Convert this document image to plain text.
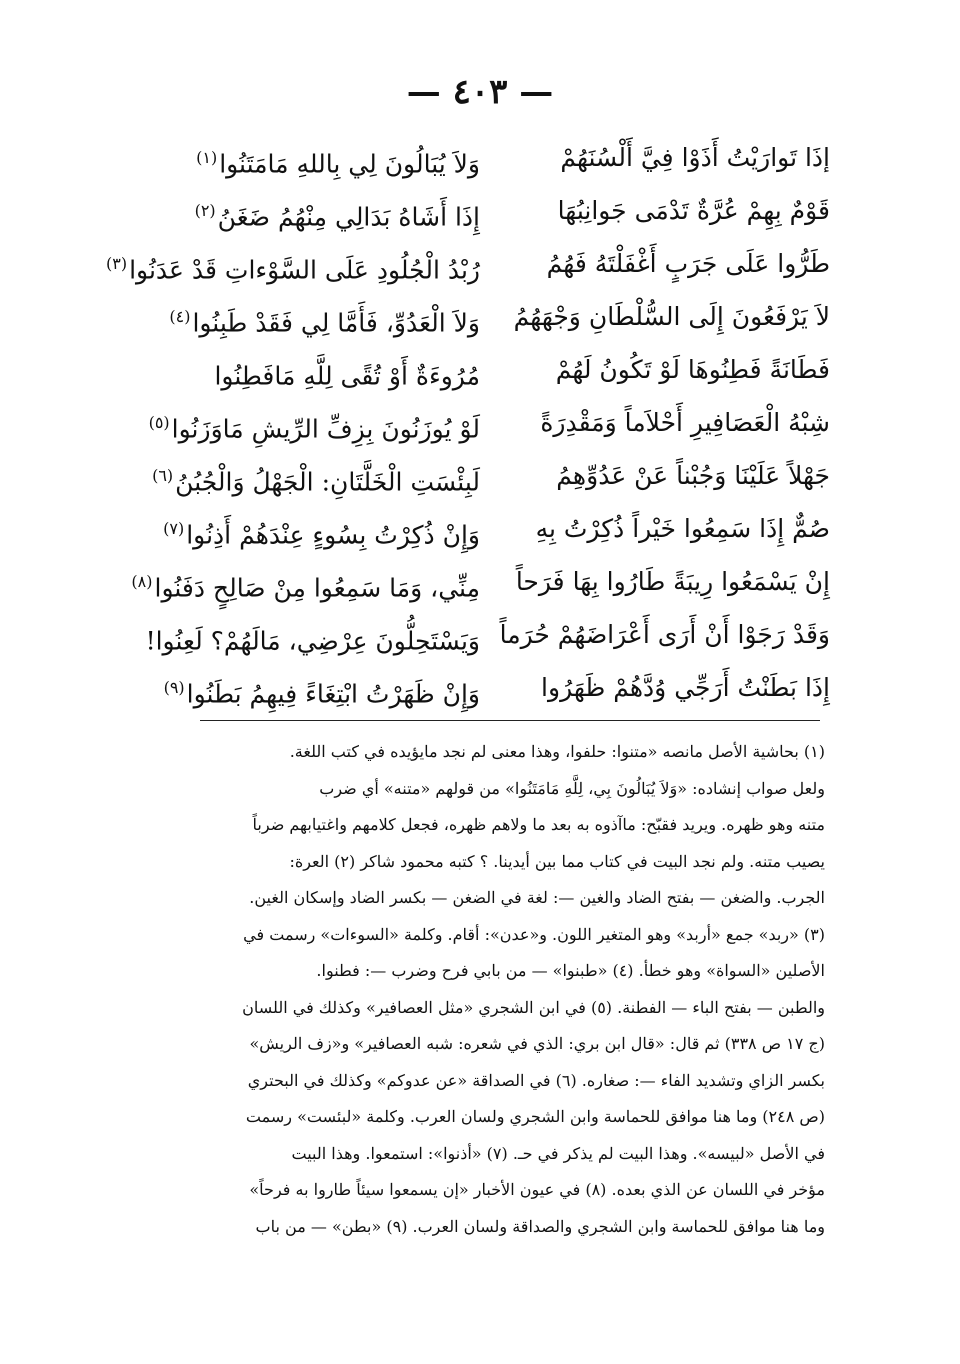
— ٤٠٣ —
إذَا تَوارَيْتُ أَذَوْا فِيَّ أَلْسُنَهُمْ
وَلاَ يُبَالُونَ لِي بِاللهِ مَامَتَنُوا$^{(١)}$
قَوْمٌ بِهِمْ عُرَّةٌ تَدْمَى جَوانِبُهَا
إِذَا أَشَاهُ بَدَالِي مِنْهُمُ ضَغَنُ$^{(٢)}$
طَرُّوا عَلَى جَرَبٍ أَغْفَلْتَهُ فَهُمُ
رُبْدُ الْجُلُودِ عَلَى السَّوْءاتِ قَدْ عَدَنُوا$^{(٣)}$
لاَ يَرْفَعُونَ إِلَى السُّلْطَانِ وَجْهَهُمُ
وَلاَ الْعَدُوِّ، فَأَمَّا لِي فَقَدْ طَبِنُوا$^{(٤)}$
فَطَانَةً فَطِنُوهَا لَوْ تَكُونُ لَهُمْ
مُرُوءَةٌ أَوْ تُقًى لِلَّهِ مَافَطِنُوا
شِبْهُ الْعَصَافِيرِ أَحْلاَماً وَمَقْدِرَةً
لَوْ يُوزَنُونَ بِزِفِّ الرِّيشِ مَاوَزَنُوا$^{(٥)}$
جَهْلاً عَلَيْنَا وَجُبْناً عَنْ عَدُوِّهِمُ
لَبِئْسَتِ الْخَلَّتَانِ: الْجَهْلُ وَالْجُبُنُ$^{(٦)}$
صُمٌّ إِذَا سَمِعُوا خَيْراً ذُكِرْتُ بِهِ
وَإِنْ ذُكِرْتُ بِسُوءٍ عِنْدَهُمْ أَذِنُوا$^{(٧)}$
إِنْ يَسْمَعُوا رِيبَةً طَارُوا بِهَا فَرَحاً
مِنِّي، وَمَا سَمِعُوا مِنْ صَالِحٍ دَفَنُوا$^{(٨)}$
وَقَدْ رَجَوْا أَنْ أَرَى أَعْرَاضَهُمْ حُرَماً
وَيَسْتَحِلُّونَ عِرْضِي، مَالَهُمْ؟ لَعِنُوا!
إِذَا بَطَنْتُ أَرَجِّي وُدَّهُمْ ظَهَرُوا
وَإِنْ ظَهَرْتُ ابْتِغَاءً فِيهِمُ بَطَنُوا$^{(٩)}$
(١) بحاشية الأصل مانصه «متنوا: حلفوا، وهذا معنى لم نجد مايؤيده في كتب اللغة.
ولعل صواب إنشاده: «وَلاَ يُبَالُونَ بِي، لِلَّهِ مَامَتَنُوا» من قولهم «متنه» أي ضرب
متنه وهو ظهره. ويريد فقبّح: ماآذوه به بعد ما ولاهم ظهره، فجعل كلامهم واغتيابهم ضرباً
يصيب متنه. ولم نجد البيت في كتاب مما بين أيدينا. ؟ كتبه محمود شاكر (٢) العرة:
الجرب. والضغن — بفتح الضاد والغين —: لغة في الضغن — بكسر الضاد وإسكان الغين.
(٣) «ربد» جمع «أربد» وهو المتغير اللون. و«عدن»: أقام. وكلمة «السوءات» رسمت في
الأصلين «السواة» وهو خطأ. (٤) «طبنوا» — من بابي فرح وضرب —: فطنوا.
والطبن — بفتح الباء — الفطنة. (٥) في ابن الشجري «مثل العصافير» وكذلك في اللسان
(ج ١٧ ص ٣٣٨) ثم قال: «قال ابن بري: الذي في شعره: شبه العصافير» و«زف الريش»
بكسر الزاي وتشديد الفاء —: صغاره. (٦) في الصداقة «عن عدوكم» وكذلك في البحتري
(ص ٢٤٨) وما هنا موافق للحماسة وابن الشجري ولسان العرب. وكلمة «لبئست» رسمت
في الأصل «لبيسه». وهذا البيت لم يذكر في حـ. (٧) «أذنوا»: استمعوا. وهذا البيت
مؤخر في اللسان عن الذي بعده. (٨) في عيون الأخبار «إن يسمعوا سيئاً طاروا به فرحاً»
وما هنا موافق للحماسة وابن الشجري والصداقة ولسان العرب. (٩) «بطن» — من باب
